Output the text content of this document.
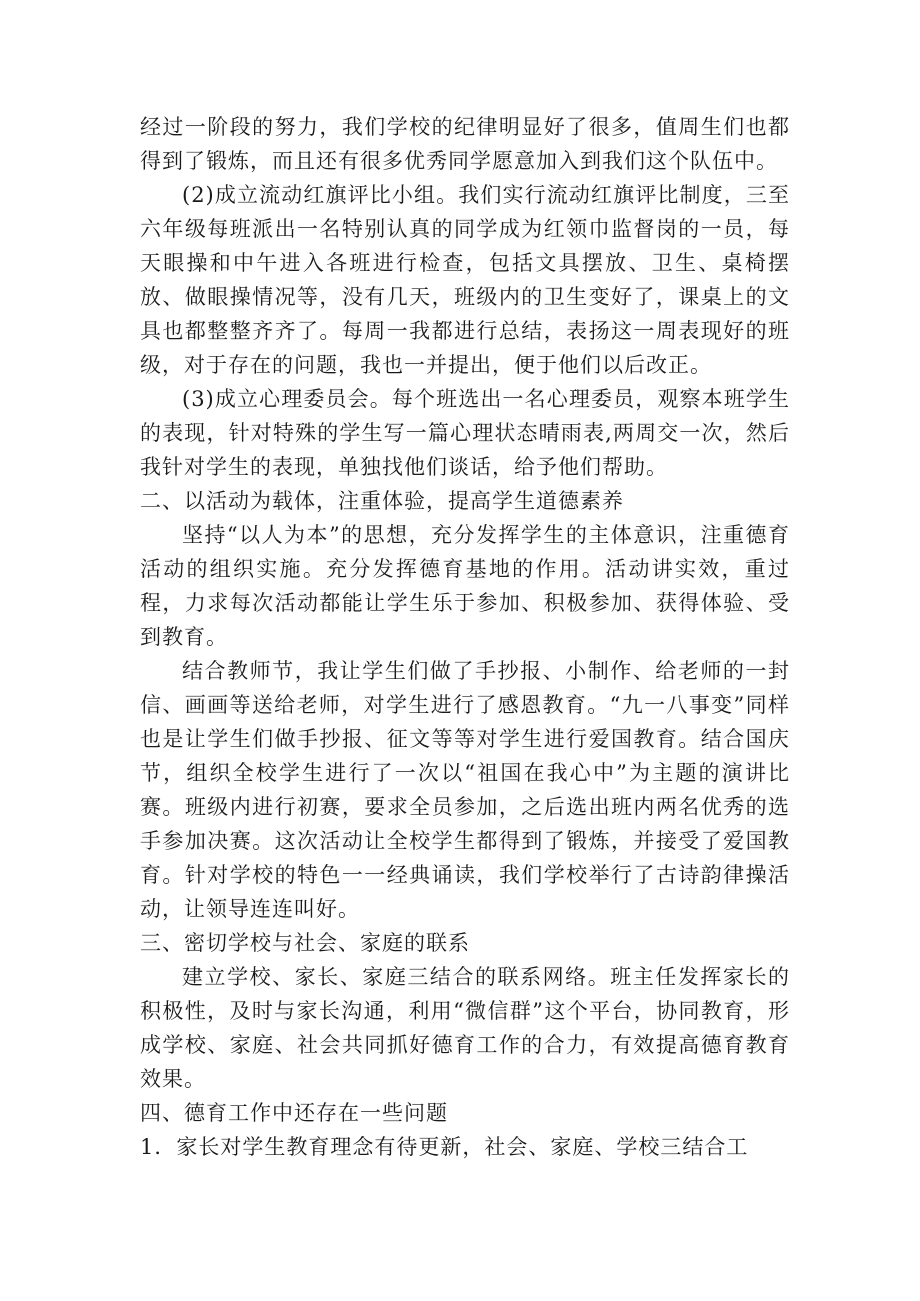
经过一阶段的努力，我们学校的纪律明显好了很多，值周生们也都得到了锻炼，而且还有很多优秀同学愿意加入到我们这个队伍中。

(2)成立流动红旗评比小组。我们实行流动红旗评比制度，三至六年级每班派出一名特别认真的同学成为红领巾监督岗的一员，每天眼操和中午进入各班进行检查，包括文具摆放、卫生、桌椅摆放、做眼操情况等，没有几天，班级内的卫生变好了，课桌上的文具也都整整齐齐了。每周一我都进行总结，表扬这一周表现好的班级，对于存在的问题，我也一并提出，便于他们以后改正。

(3)成立心理委员会。每个班选出一名心理委员，观察本班学生的表现，针对特殊的学生写一篇心理状态晴雨表,两周交一次，然后我针对学生的表现，单独找他们谈话，给予他们帮助。

二、以活动为载体，注重体验，提高学生道德素养

坚持“以人为本”的思想，充分发挥学生的主体意识，注重德育活动的组织实施。充分发挥德育基地的作用。活动讲实效，重过程，力求每次活动都能让学生乐于参加、积极参加、获得体验、受到教育。

结合教师节，我让学生们做了手抄报、小制作、给老师的一封信、画画等送给老师，对学生进行了感恩教育。“九一八事变”同样也是让学生们做手抄报、征文等等对学生进行爱国教育。结合国庆节，组织全校学生进行了一次以“祖国在我心中”为主题的演讲比赛。班级内进行初赛，要求全员参加，之后选出班内两名优秀的选手参加决赛。这次活动让全校学生都得到了锻炼，并接受了爱国教育。针对学校的特色一一经典诵读，我们学校举行了古诗韵律操活动，让领导连连叫好。

三、密切学校与社会、家庭的联系

建立学校、家长、家庭三结合的联系网络。班主任发挥家长的积极性，及时与家长沟通，利用“微信群”这个平台，协同教育，形成学校、家庭、社会共同抓好德育工作的合力，有效提高德育教育效果。

四、德育工作中还存在一些问题

1．家长对学生教育理念有待更新，社会、家庭、学校三结合工
